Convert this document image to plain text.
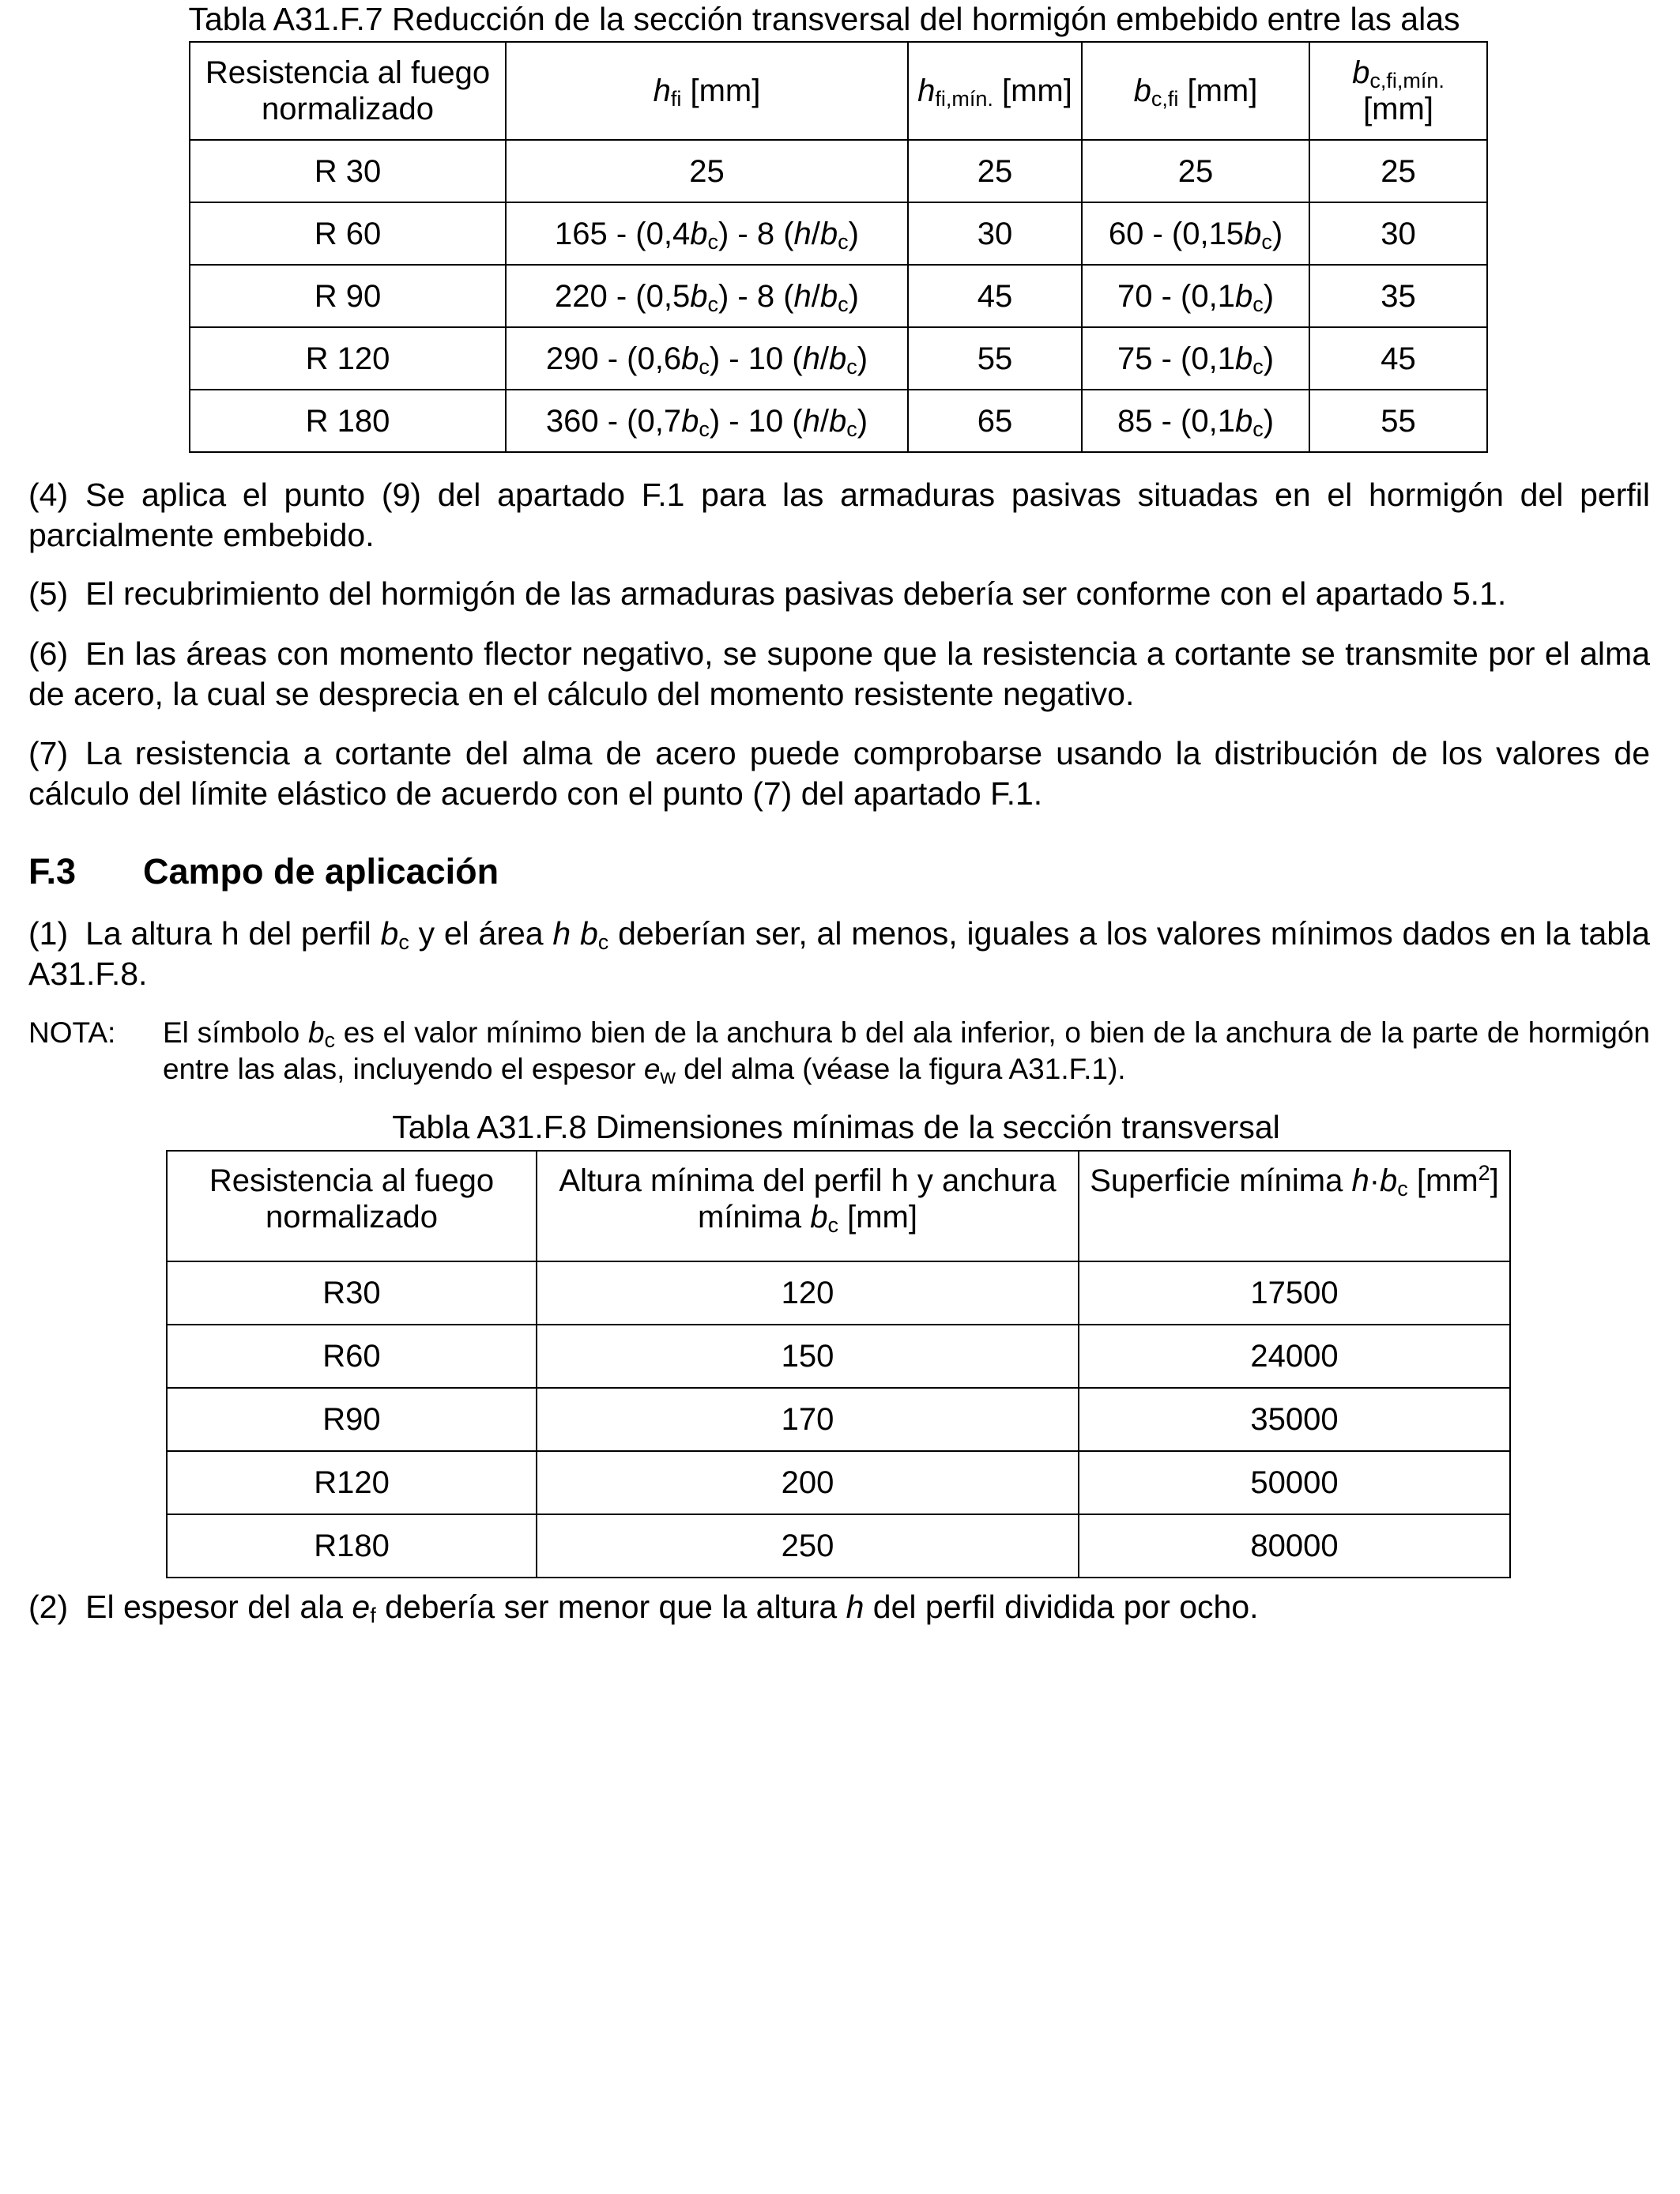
Tabla A31.F.7 Reducción de la sección transversal del hormigón embebido entre las alas
Resistencia al fuego normalizado	$h_{fi}$ [mm]	$h_{fi,mín.}$ [mm]	$b_{c,fi}$ [mm]	$b_{c,fi,mín.}$ [mm]
R 30	25	25	25	25
R 60	$165 - (0,4b_c) - 8$ $(h/b_c)$	30	$60 - (0,15b_c)$	30
R 90	$220 - (0,5b_c) - 8$ $(h/b_c)$	45	$70 - (0,1b_c)$	35
R 120	$290 - (0,6b_c) - 10$ $(h/b_c)$	55	$75 - (0,1b_c)$	45
R 180	$360 - (0,7b_c) - 10$ $(h/b_c)$	65	$85 - (0,1b_c)$	55
(4) Se aplica el punto (9) del apartado F.1 para las armaduras pasivas situadas en el hormigón del perfil parcialmente embebido.
(5) El recubrimiento del hormigón de las armaduras pasivas debería ser conforme con el apartado 5.1.
(6) En las áreas con momento flector negativo, se supone que la resistencia a cortante se transmite por el alma de acero, la cual se desprecia en el cálculo del momento resistente negativo.
(7) La resistencia a cortante del alma de acero puede comprobarse usando la distribución de los valores de cálculo del límite elástico de acuerdo con el punto (7) del apartado F.1.
F.3 Campo de aplicación
(1) La altura h del perfil $b_c$ y el área h $b_c$ deberían ser, al menos, iguales a los valores mínimos dados en la tabla A31.F.8.
NOTA: El símbolo $b_c$ es el valor mínimo bien de la anchura b del ala inferior, o bien de la anchura de la parte de hormigón entre las alas, incluyendo el espesor $e_w$ del alma (véase la figura A31.F.1).
Tabla A31.F.8 Dimensiones mínimas de la sección transversal
Resistencia al fuego normalizado	Altura mínima del perfil h y anchura mínima $b_c$ [mm]	Superficie mínima $h\cdot b_c$ $[mm^2]$
R30	120	17500
R60	150	24000
R90	170	35000
R120	200	50000
R180	250	80000
(2) El espesor del ala $e_f$ debería ser menor que la altura h del perfil dividida por ocho.
